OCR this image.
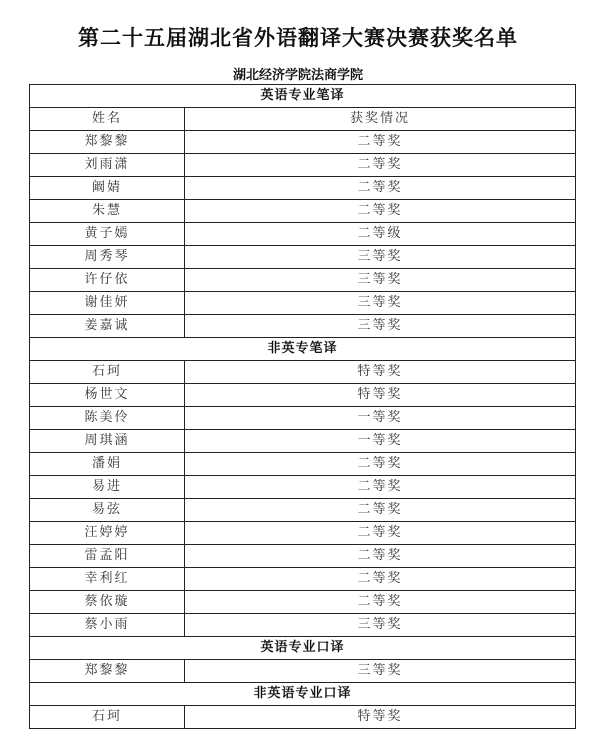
第二十五届湖北省外语翻译大赛决赛获奖名单
湖北经济学院法商学院
英语专业笔译	
姓名	获奖情况
郑黎黎	二等奖
刘雨潇	二等奖
阚婧	二等奖
朱慧	二等奖
黄子嫣	二等级
周秀琴	三等奖
许仔依	三等奖
谢佳妍	三等奖
姜嘉诚	三等奖
非英专笔译	
石珂	特等奖
杨世文	特等奖
陈美伶	一等奖
周琪涵	一等奖
潘娟	二等奖
易进	二等奖
易弦	二等奖
汪婷婷	二等奖
雷孟阳	二等奖
幸利红	二等奖
蔡依璇	二等奖
蔡小雨	三等奖
英语专业口译	
郑黎黎	三等奖
非英语专业口译	
石珂	特等奖
